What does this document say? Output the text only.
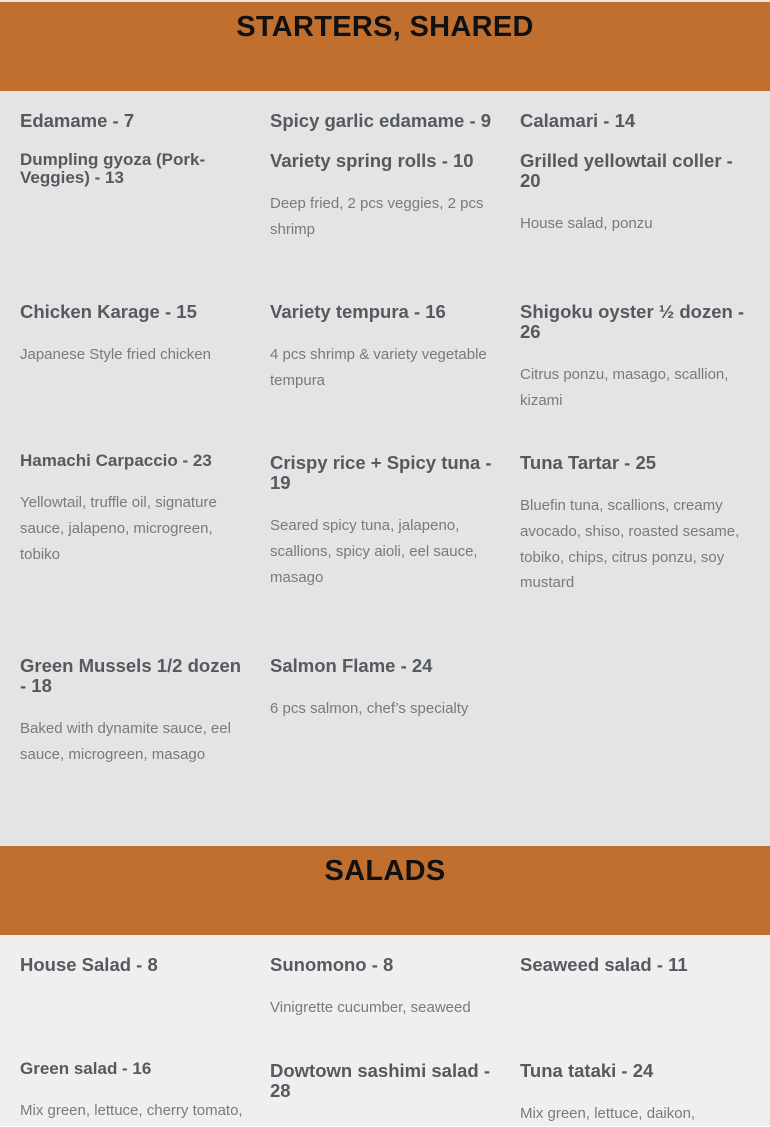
STARTERS, SHARED

Edamame - 7	Spicy garlic edamame - 9	Calamari - 14

Dumpling gyoza (Pork-Veggies) - 13

Variety spring rolls - 10

Deep fried, 2 pcs veggies, 2 pcs shrimp

Grilled yellowtail coller - 20

House salad, ponzu

Chicken Karage - 15

Japanese Style fried chicken

Variety tempura - 16

4 pcs shrimp & variety vegetable tempura

Shigoku oyster ½ dozen - 26

Citrus ponzu, masago, scallion, kizami

Hamachi Carpaccio - 23

Yellowtail, truffle oil, signature sauce, jalapeno, microgreen, tobiko

Crispy rice + Spicy tuna - 19

Seared spicy tuna, jalapeno, scallions, spicy aioli, eel sauce, masago

Tuna Tartar - 25

Bluefin tuna, scallions, creamy avocado, shiso, roasted sesame, tobiko, chips, citrus ponzu, soy mustard

Green Mussels 1/2 dozen - 18

Baked with dynamite sauce, eel sauce, microgreen, masago

Salmon Flame - 24

6 pcs salmon, chef’s specialty

SALADS

House Salad - 8	Sunomono - 8

Vinigrette cucumber, seaweed

Seaweed salad - 11

Green salad - 16

Mix green, lettuce, cherry tomato,

Dowtown sashimi salad - 28

Tuna tataki - 24

Mix green, lettuce, daikon,
